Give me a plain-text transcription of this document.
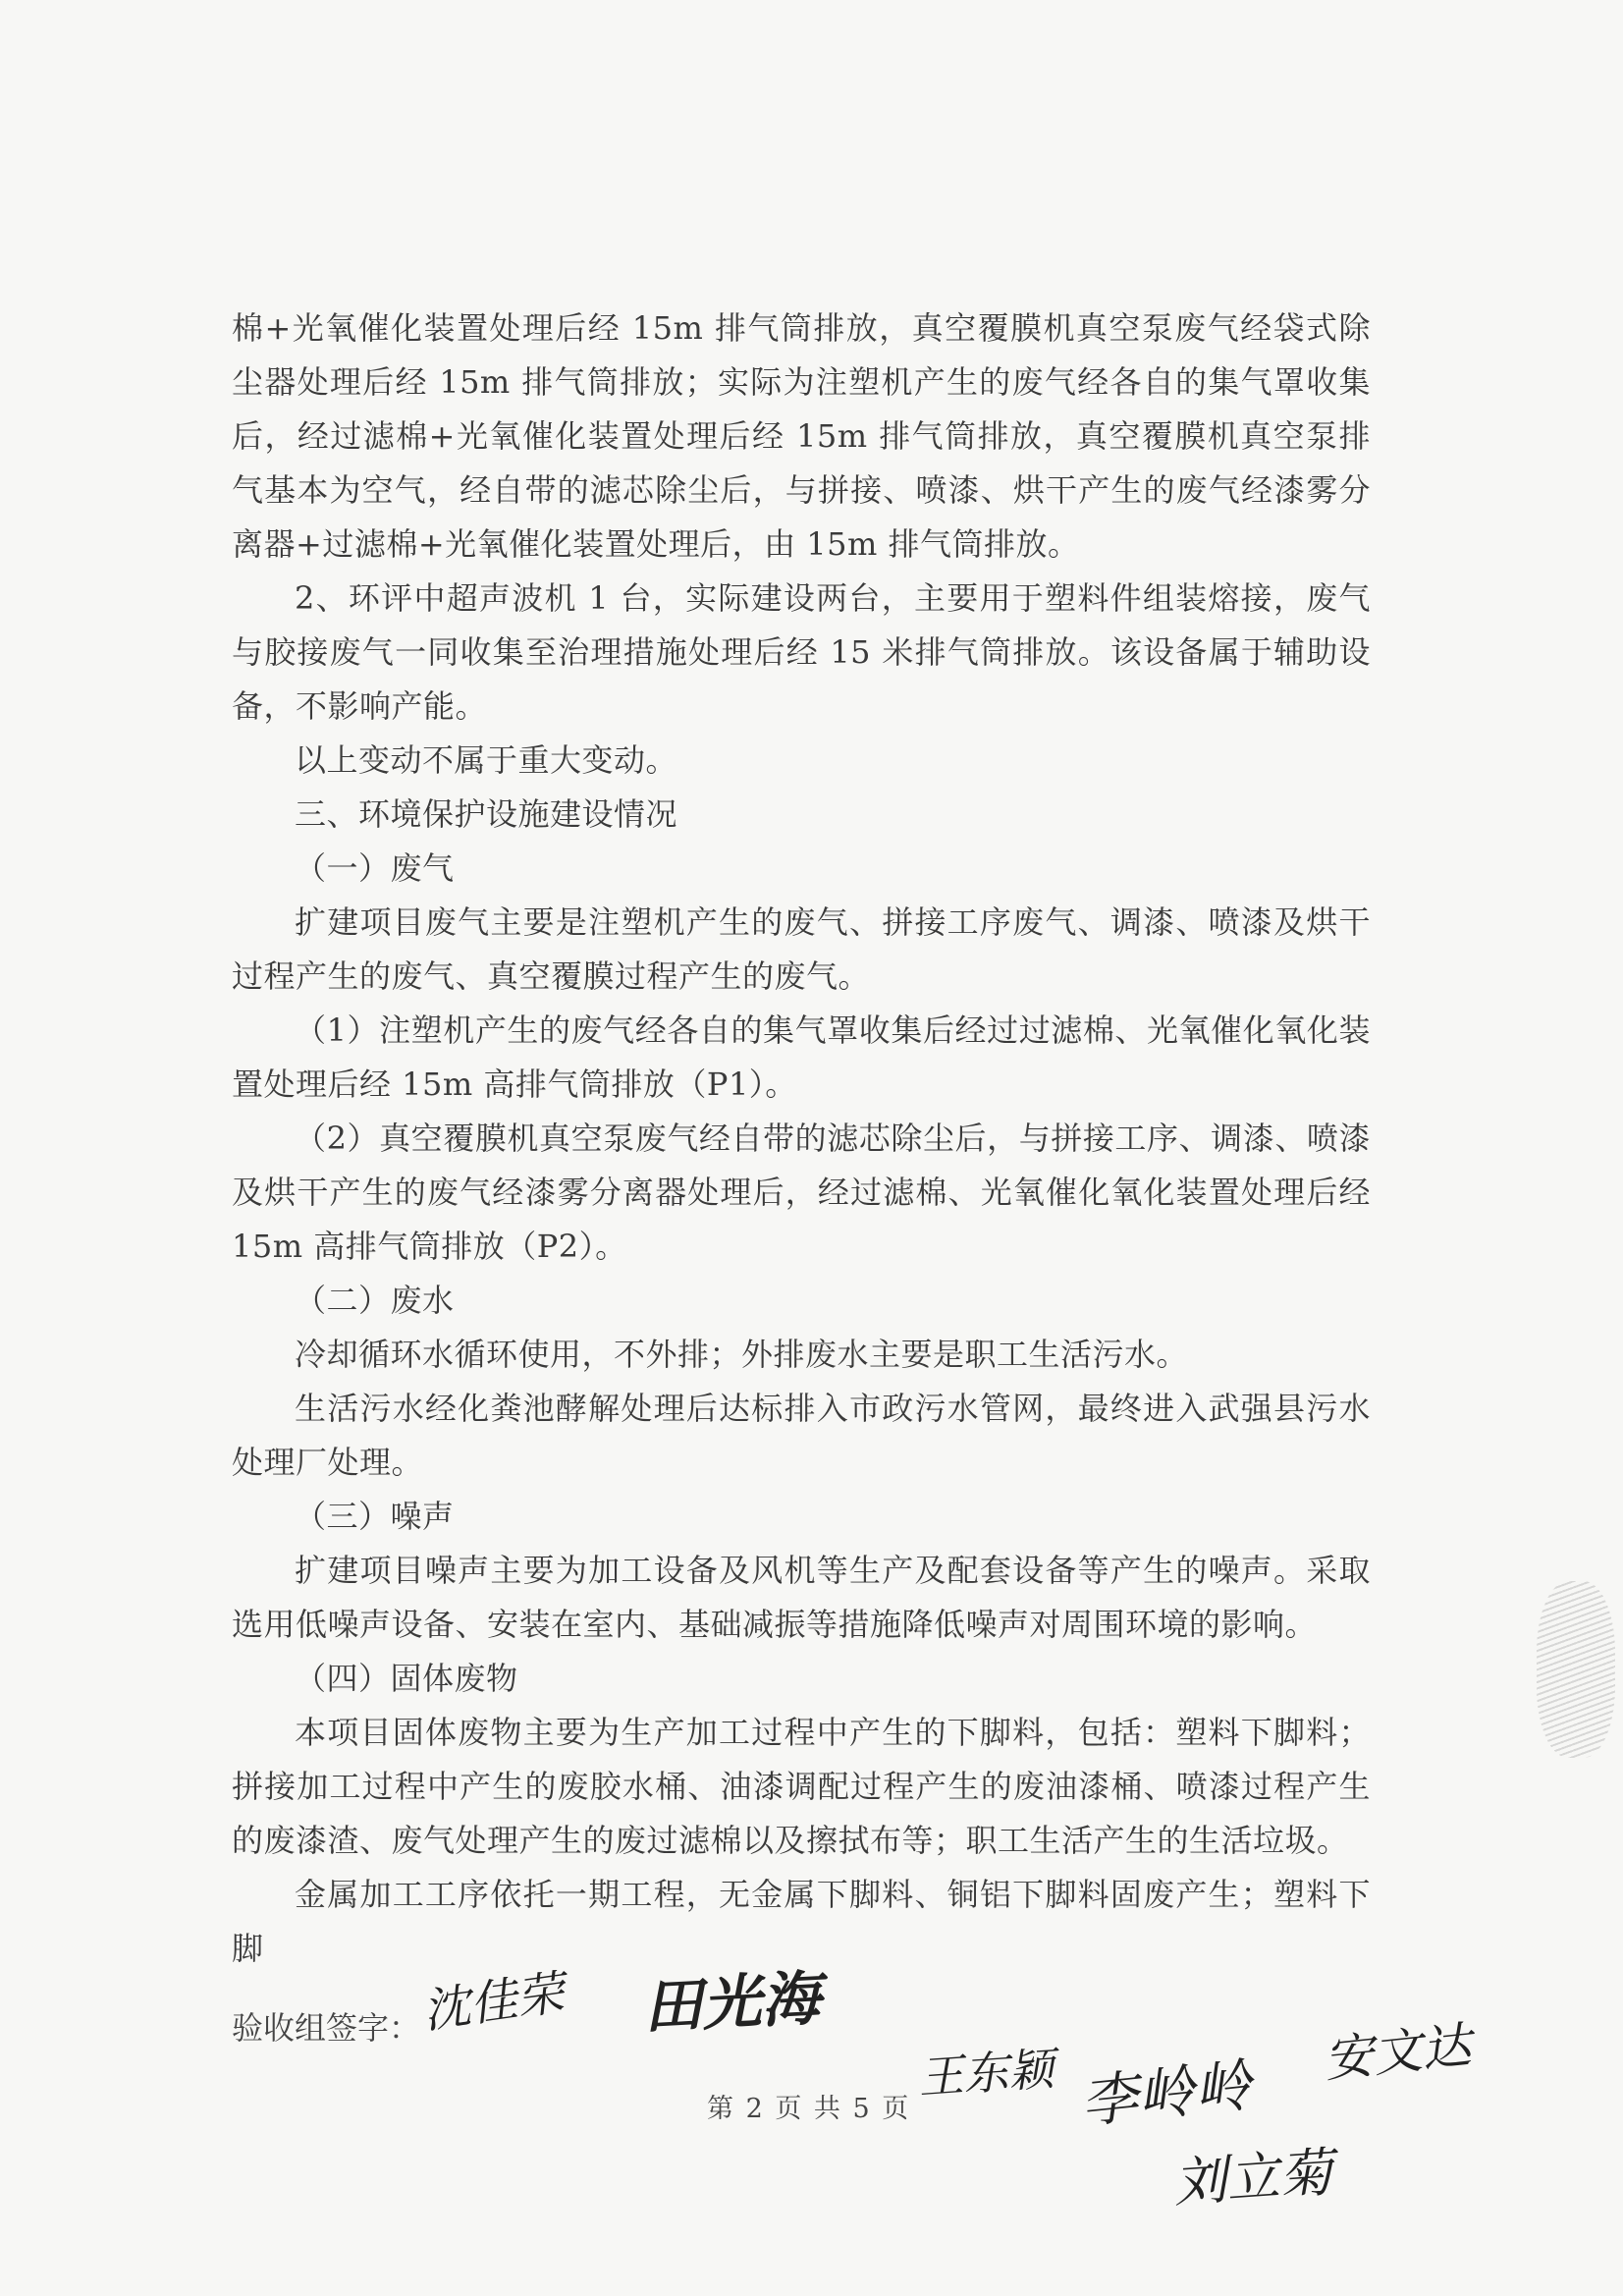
棉+光氧催化装置处理后经 15m 排气筒排放，真空覆膜机真空泵废气经袋式除尘器处理后经 15m 排气筒排放；实际为注塑机产生的废气经各自的集气罩收集后，经过滤棉+光氧催化装置处理后经 15m 排气筒排放，真空覆膜机真空泵排气基本为空气，经自带的滤芯除尘后，与拼接、喷漆、烘干产生的废气经漆雾分离器+过滤棉+光氧催化装置处理后，由 15m 排气筒排放。

2、环评中超声波机 1 台，实际建设两台，主要用于塑料件组装熔接，废气与胶接废气一同收集至治理措施处理后经 15 米排气筒排放。该设备属于辅助设备，不影响产能。

以上变动不属于重大变动。

三、环境保护设施建设情况

（一）废气

扩建项目废气主要是注塑机产生的废气、拼接工序废气、调漆、喷漆及烘干过程产生的废气、真空覆膜过程产生的废气。

（1）注塑机产生的废气经各自的集气罩收集后经过过滤棉、光氧催化氧化装置处理后经 15m 高排气筒排放（P1）。

（2）真空覆膜机真空泵废气经自带的滤芯除尘后，与拼接工序、调漆、喷漆及烘干产生的废气经漆雾分离器处理后，经过滤棉、光氧催化氧化装置处理后经 15m 高排气筒排放（P2）。

（二）废水

冷却循环水循环使用，不外排；外排废水主要是职工生活污水。

生活污水经化粪池酵解处理后达标排入市政污水管网，最终进入武强县污水处理厂处理。

（三）噪声

扩建项目噪声主要为加工设备及风机等生产及配套设备等产生的噪声。采取选用低噪声设备、安装在室内、基础减振等措施降低噪声对周围环境的影响。

（四）固体废物

本项目固体废物主要为生产加工过程中产生的下脚料，包括：塑料下脚料；拼接加工过程中产生的废胶水桶、油漆调配过程产生的废油漆桶、喷漆过程产生的废漆渣、废气处理产生的废过滤棉以及擦拭布等；职工生活产生的生活垃圾。

金属加工工序依托一期工程，无金属下脚料、铜铝下脚料固废产生；塑料下脚

验收组签字：
第 2 页 共 5 页
沈佳荣 田光海
王东颖 李岭岭 安文达
刘立菊
